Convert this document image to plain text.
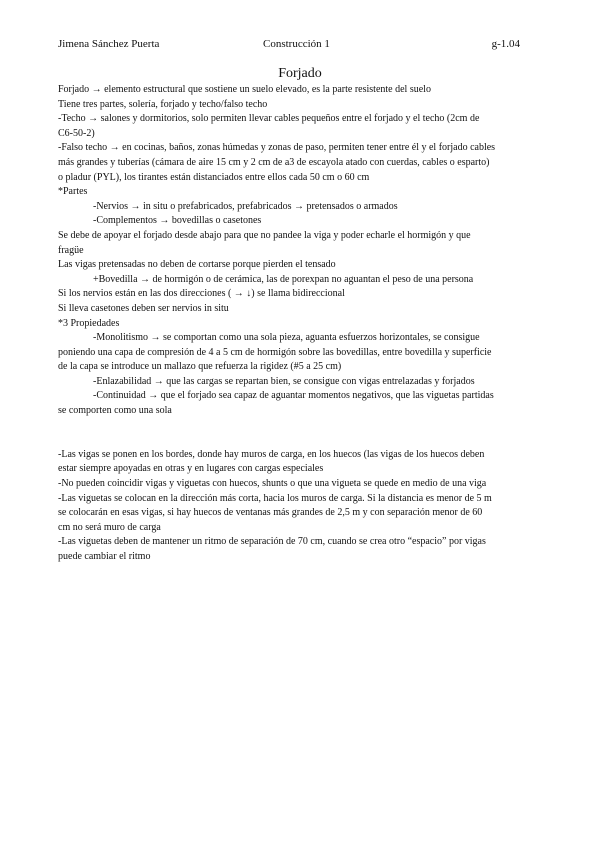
Jimena Sánchez Puerta	Construcción 1	g-1.04
Forjado
Forjado → elemento estructural que sostiene un suelo elevado, es la parte resistente del suelo
Tiene tres partes, solería, forjado y techo/falso techo
-Techo → salones y dormitorios, solo permiten llevar cables pequeños entre el forjado y el techo (2cm de
C6-50-2)
-Falso techo → en cocinas, baños, zonas húmedas y zonas de paso, permiten tener entre él y el forjado cables
más grandes y tuberías (cámara de aire 15 cm y 2 cm de a3 de escayola atado con cuerdas, cables o esparto)
o pladur (PYL), los tirantes están distanciados entre ellos cada 50 cm o 60 cm
*Partes
-Nervios → in situ o prefabricados, prefabricados → pretensados o armados
-Complementos → bovedillas o casetones
Se debe de apoyar el forjado desde abajo para que no pandee la viga y poder echarle el hormigón y que
fragüe
Las vigas pretensadas no deben de cortarse porque pierden el tensado
+Bovedilla → de hormigón o de cerámica, las de porexpan no aguantan el peso de una persona
Si los nervios están en las dos direcciones ( → ↓) se llama bidireccional
Si lleva casetones deben ser nervios in situ
*3 Propiedades
-Monolitismo → se comportan como una sola pieza, aguanta esfuerzos horizontales, se consigue
poniendo una capa de compresión de 4 a 5 cm de hormigón sobre las bovedillas, entre bovedilla y superficie
de la capa se introduce un mallazo que refuerza la rigidez (#5 a 25 cm)
-Enlazabilidad → que las cargas se repartan bien, se consigue con vigas entrelazadas y forjados
-Continuidad → que el forjado sea capaz de aguantar momentos negativos, que las viguetas partidas
se comporten como una sola
-Las vigas se ponen en los bordes, donde hay muros de carga, en los huecos (las vigas de los huecos deben
estar siempre apoyadas en otras y en lugares con cargas especiales
-No pueden coincidir vigas y viguetas con huecos, shunts o que una vigueta se quede en medio de una viga
-Las viguetas se colocan en la dirección más corta, hacia los muros de carga. Si la distancia es menor de 5 m
se colocarán en esas vigas, si hay huecos de ventanas más grandes de 2,5 m y con separación menor de 60
cm no será muro de carga
-Las viguetas deben de mantener un ritmo de separación de 70 cm, cuando se crea otro “espacio” por vigas
puede cambiar el ritmo
